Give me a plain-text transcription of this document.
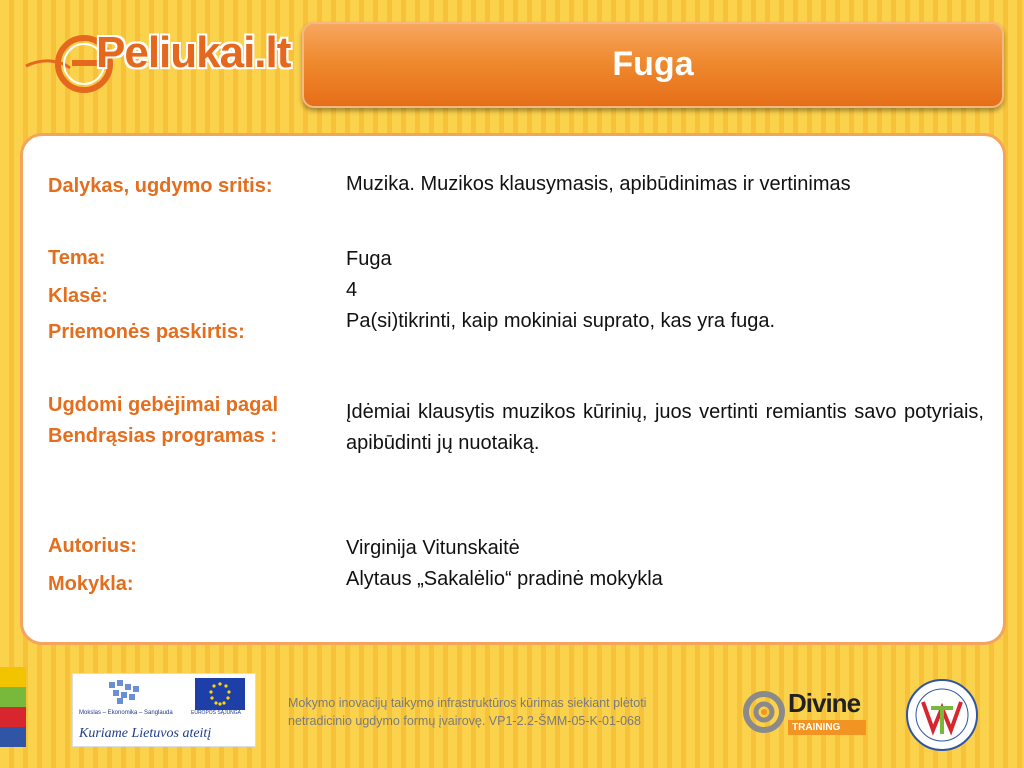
Peliukai.lt	Fuga
Dalykas, ugdymo sritis:	Muzika. Muzikos klausymasis, apibūdinimas ir vertinimas
Tema:	Fuga
Klasė:	4
Priemonės paskirtis:	Pa(si)tikrinti, kaip mokiniai suprato, kas yra fuga.
Ugdomi gebėjimai pagal
Bendrąsias programas :
Įdėmiai klausytis muzikos kūrinių, juos vertinti remiantis savo potyriais, apibūdinti jų nuotaiką.
Autorius:	Virginija Vitunskaitė
Mokykla:	Alytaus „Sakalėlio“ pradinė mokykla
Mokslas – Ekonomika – Sanglauda	EUROPOS SĄJUNGA
Kuriame Lietuvos ateitį
Mokymo inovacijų taikymo infrastruktūros kūrimas siekiant plėtoti
netradicinio ugdymo formų įvairovę. VP1-2.2-ŠMM-05-K-01-068
Divine
TRAINING
